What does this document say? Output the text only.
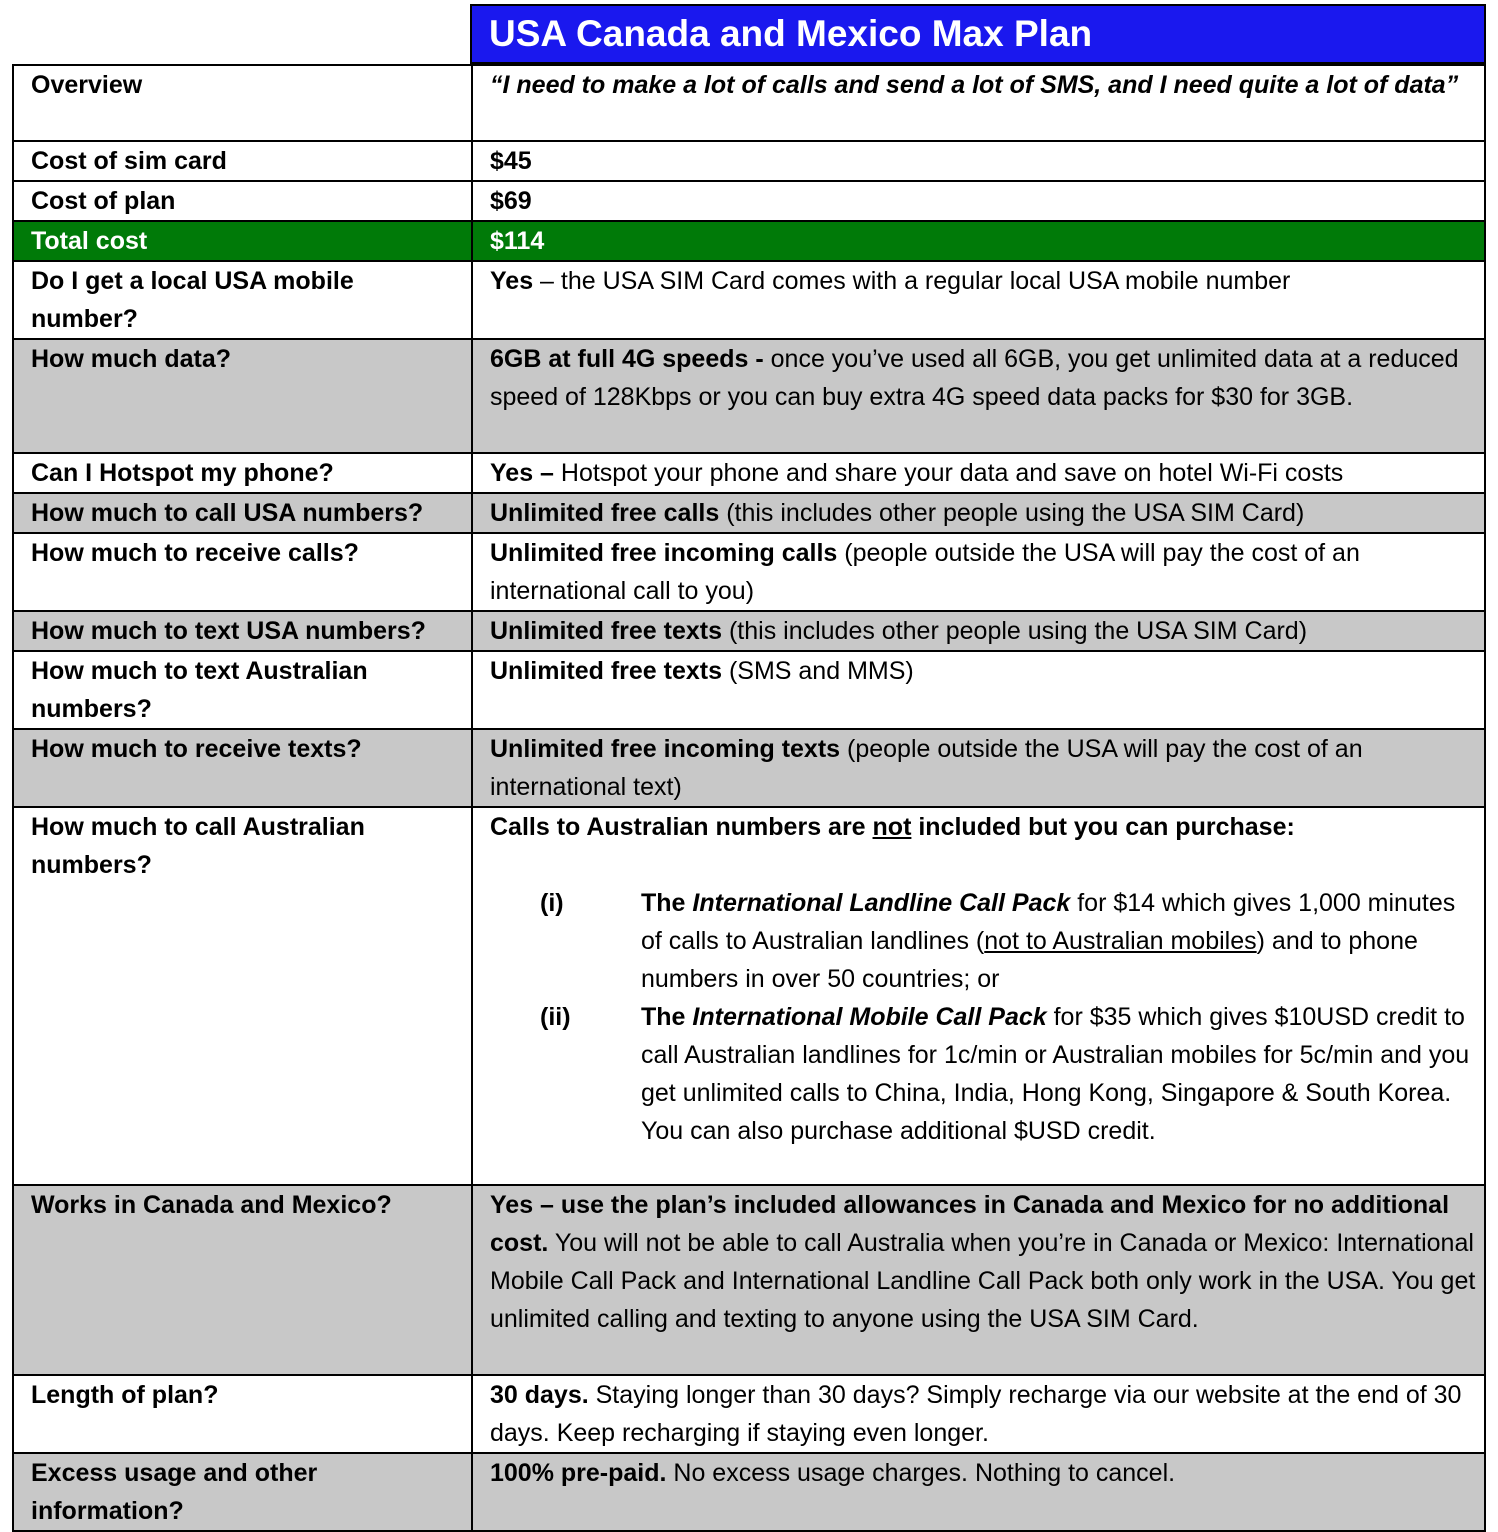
USA Canada and Mexico Max Plan
Overview	“I need to make a lot of calls and send a lot of SMS, and I need quite a lot of data”
Cost of sim card	$45
Cost of plan	$69
Total cost	$114
Do I get a local USA mobile number?	Yes – the USA SIM Card comes with a regular local USA mobile number
How much data?	6GB at full 4G speeds - once you’ve used all 6GB, you get unlimited data at a reduced speed of 128Kbps or you can buy extra 4G speed data packs for $30 for 3GB.
Can I Hotspot my phone?	Yes – Hotspot your phone and share your data and save on hotel Wi-Fi costs
How much to call USA numbers?	Unlimited free calls (this includes other people using the USA SIM Card)
How much to receive calls?	Unlimited free incoming calls (people outside the USA will pay the cost of an international call to you)
How much to text USA numbers?	Unlimited free texts (this includes other people using the USA SIM Card)
How much to text Australian numbers?	Unlimited free texts (SMS and MMS)
How much to receive texts?	Unlimited free incoming texts (people outside the USA will pay the cost of an international text)
How much to call Australian numbers?	Calls to Australian numbers are not included but you can purchase:
(i) The International Landline Call Pack for $14 which gives 1,000 minutes of calls to Australian landlines (not to Australian mobiles) and to phone numbers in over 50 countries; or
(ii) The International Mobile Call Pack for $35 which gives $10USD credit to call Australian landlines for 1c/min or Australian mobiles for 5c/min and you get unlimited calls to China, India, Hong Kong, Singapore & South Korea. You can also purchase additional $USD credit.

Works in Canada and Mexico?	Yes – use the plan’s included allowances in Canada and Mexico for no additional cost. You will not be able to call Australia when you’re in Canada or Mexico: International Mobile Call Pack and International Landline Call Pack both only work in the USA. You get unlimited calling and texting to anyone using the USA SIM Card.
Length of plan?	30 days. Staying longer than 30 days? Simply recharge via our website at the end of 30 days. Keep recharging if staying even longer.
Excess usage and other information?	100% pre-paid. No excess usage charges. Nothing to cancel.
